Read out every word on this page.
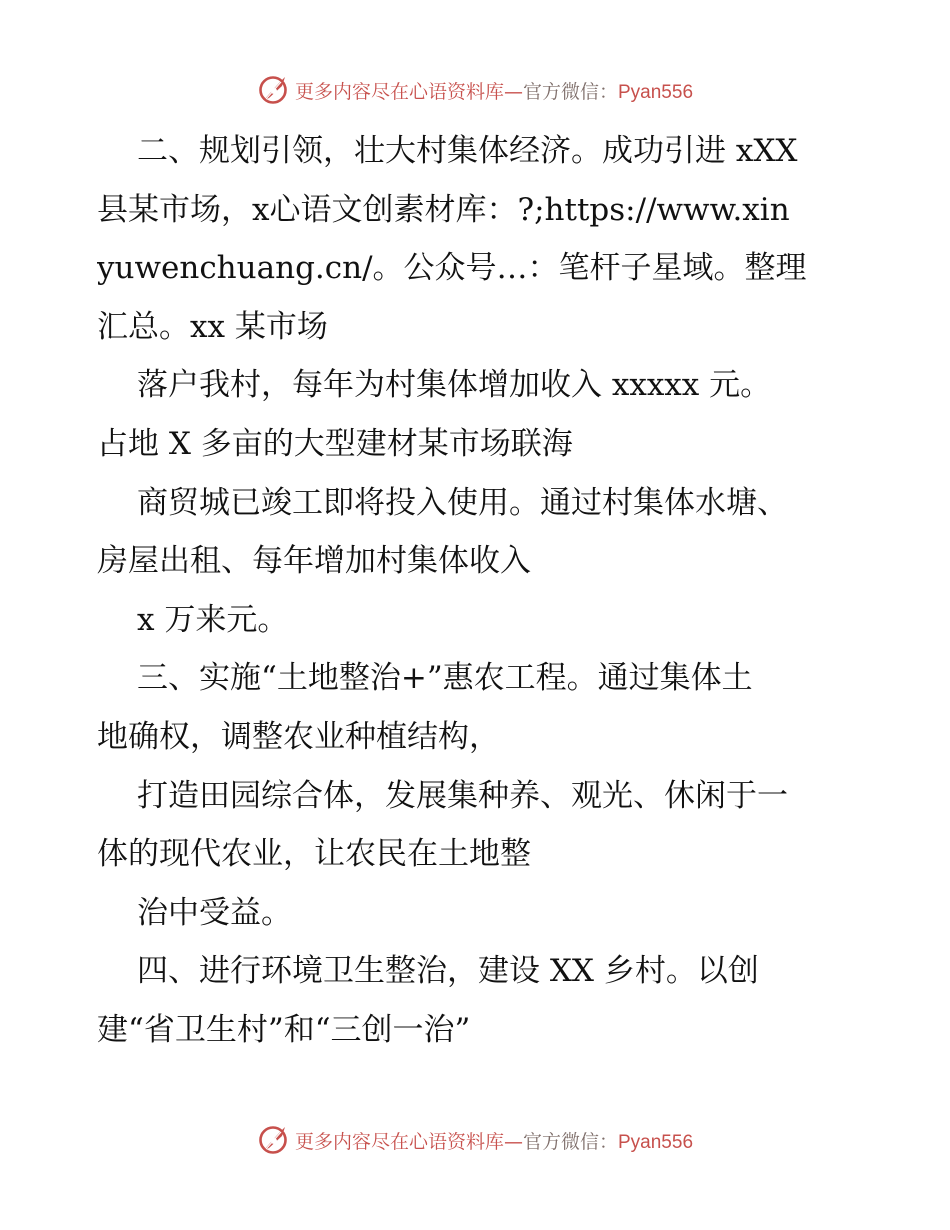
更多内容尽在心语资料库—官方微信：Pyan556
二、规划引领，壮大村集体经济。成功引进 xXX
县某市场，x心语文创素材库：?;https://www.xin
yuwenchuang.cn/。公众号…：笔杆子星域。整理
汇总。xx 某市场
落户我村，每年为村集体增加收入 xxxxx 元。
占地 X 多亩的大型建材某市场联海
商贸城已竣工即将投入使用。通过村集体水塘、
房屋出租、每年增加村集体收入
x 万来元。
三、实施“土地整治+”惠农工程。通过集体土
地确权，调整农业种植结构，
打造田园综合体，发展集种养、观光、休闲于一
体的现代农业，让农民在土地整
治中受益。
四、进行环境卫生整治，建设 XX 乡村。以创
建“省卫生村”和“三创一治”
更多内容尽在心语资料库—官方微信：Pyan556
